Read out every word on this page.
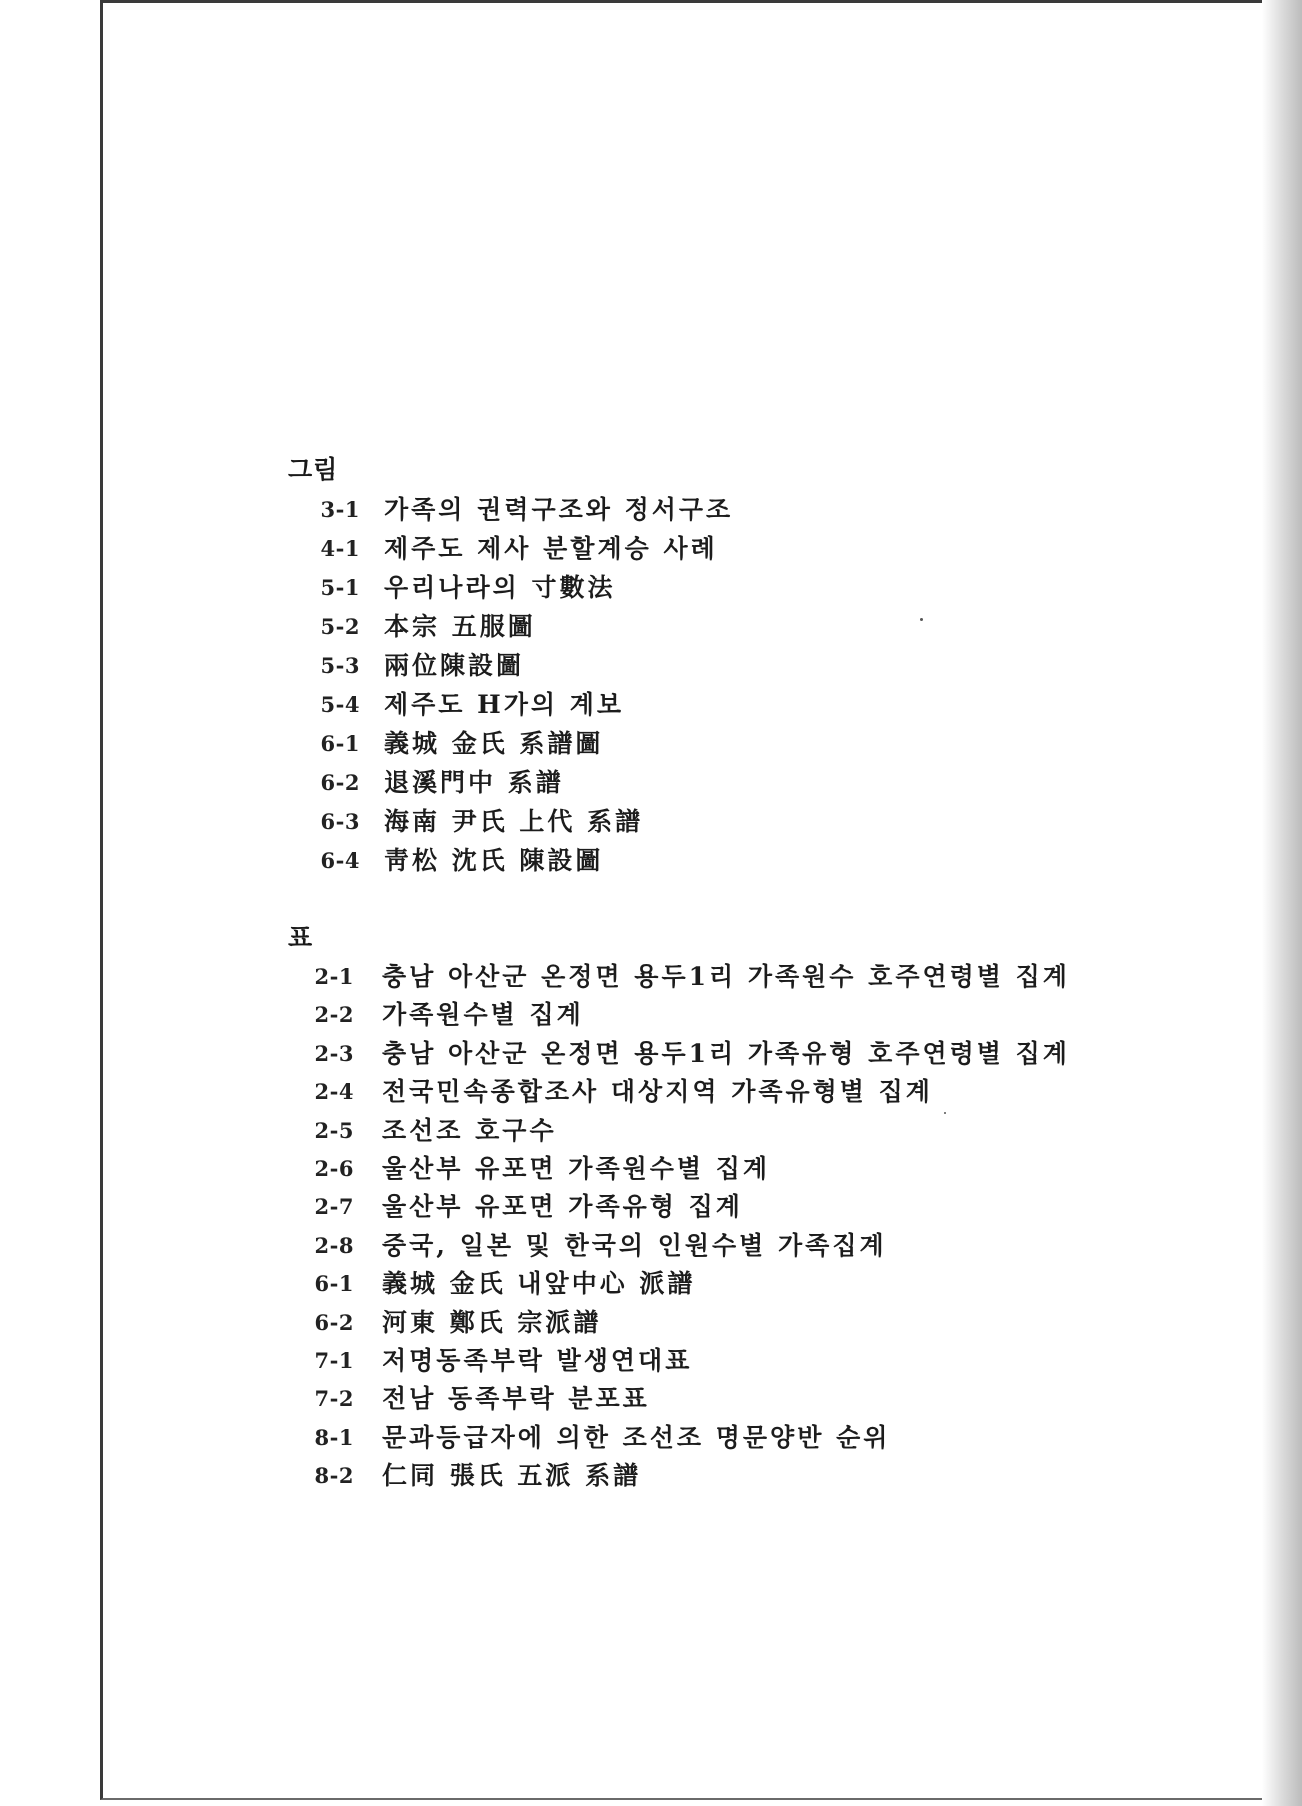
그림
3-1 가족의 권력구조와 정서구조
4-1 제주도 제사 분할계승 사례
5-1 우리나라의 寸數法
5-2 本宗 五服圖
5-3 兩位陳設圖
5-4 제주도 H가의 계보
6-1 義城 金氏 系譜圖
6-2 退溪門中 系譜
6-3 海南 尹氏 上代 系譜
6-4 靑松 沈氏 陳設圖
표
2-1 충남 아산군 온정면 용두1리 가족원수 호주연령별 집계
2-2 가족원수별 집계
2-3 충남 아산군 온정면 용두1리 가족유형 호주연령별 집계
2-4 전국민속종합조사 대상지역 가족유형별 집계
2-5 조선조 호구수
2-6 울산부 유포면 가족원수별 집계
2-7 울산부 유포면 가족유형 집계
2-8 중국, 일본 및 한국의 인원수별 가족집계
6-1 義城 金氏 내앞中心 派譜
6-2 河東 鄭氏 宗派譜
7-1 저명동족부락 발생연대표
7-2 전남 동족부락 분포표
8-1 문과등급자에 의한 조선조 명문양반 순위
8-2 仁同 張氏 五派 系譜
